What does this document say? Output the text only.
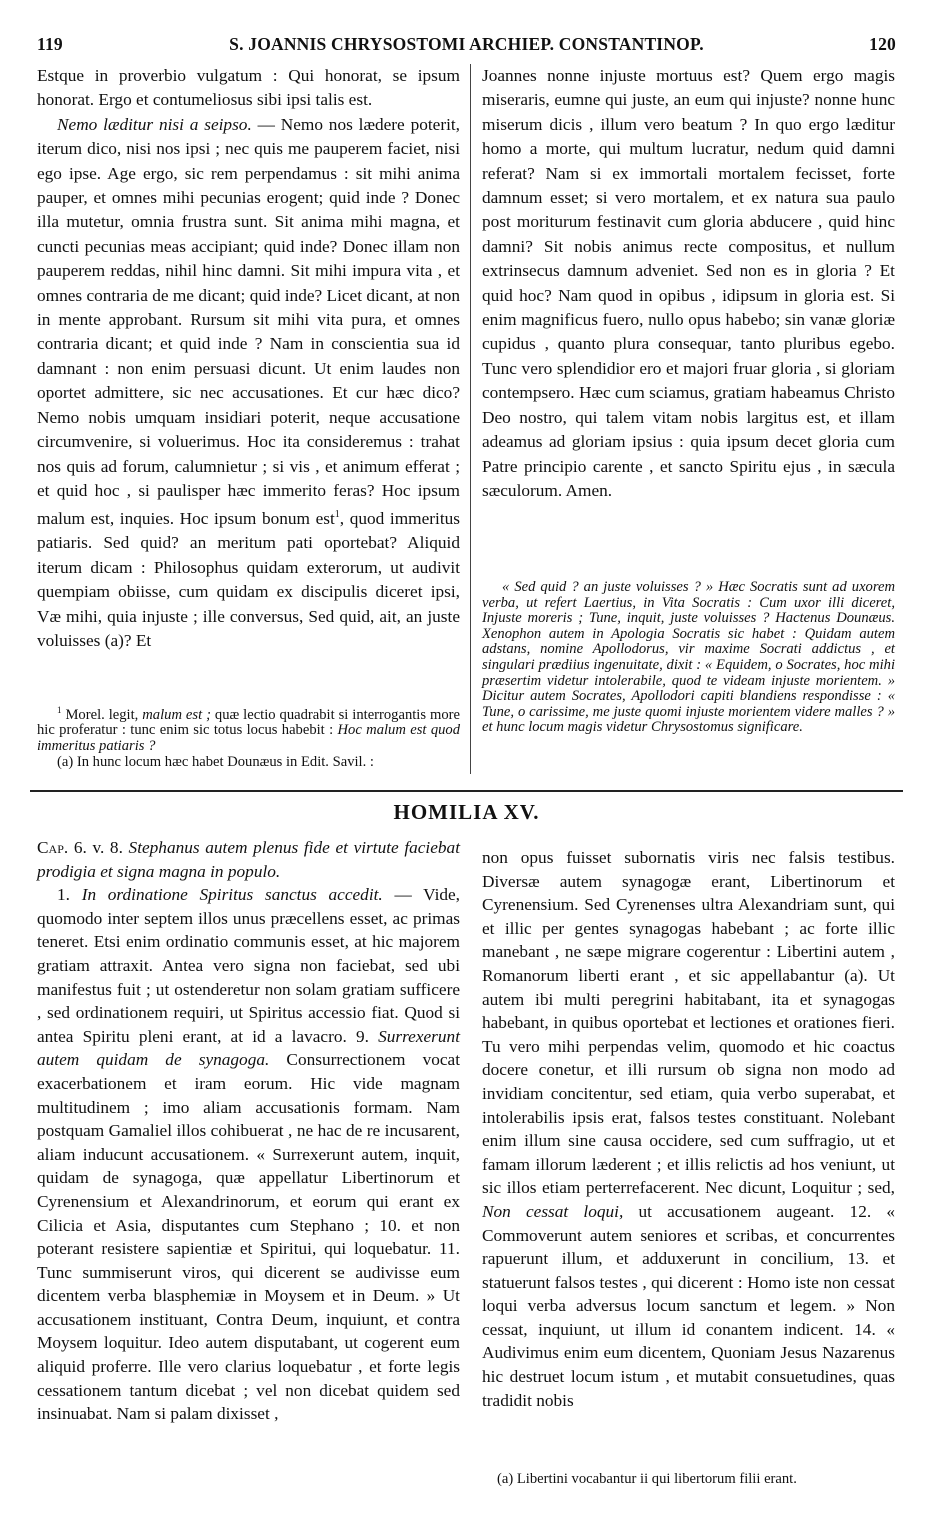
119	S. JOANNIS CHRYSOSTOMI ARCHIEP. CONSTANTINOP.	120

Estque in proverbio vulgatum : Qui honorat, se ipsum honorat. Ergo et contumeliosus sibi ipsi talis est.

Nemo læditur nisi a seipso. — Nemo nos lædere poterit, iterum dico, nisi nos ipsi ; nec quis me pauperem faciet, nisi ego ipse. Age ergo, sic rem perpendamus : sit mihi anima pauper, et omnes mihi pecunias erogent; quid inde ? Donec illa mutetur, omnia frustra sunt. Sit anima mihi magna, et cuncti pecunias meas accipiant; quid inde? Donec illam non pauperem reddas, nihil hinc damni. Sit mihi impura vita , et omnes contraria de me dicant; quid inde? Licet dicant, at non in mente approbant. Rursum sit mihi vita pura, et omnes contraria dicant; et quid inde ? Nam in conscientia sua id damnant : non enim persuasi dicunt. Ut enim laudes non oportet admittere, sic nec accusationes. Et cur hæc dico? Nemo nobis umquam insidiari poterit, neque accusatione circumvenire, si voluerimus. Hoc ita consideremus : trahat nos quis ad forum, calumnietur ; si vis , et animum efferat ; et quid hoc , si paulisper hæc immerito feras? Hoc ipsum malum est, inquies. Hoc ipsum bonum est$^1$, quod immeritus patiaris. Sed quid? an meritum pati oportebat? Aliquid iterum dicam : Philosophus quidam exterorum, ut audivit quempiam obiisse, cum quidam ex discipulis diceret ipsi, Væ mihi, quia injuste ; ille conversus, Sed quid, ait, an juste voluisses (a)? Et

Joannes nonne injuste mortuus est? Quem ergo magis miseraris, eumne qui juste, an eum qui injuste? nonne hunc miserum dicis , illum vero beatum ? In quo ergo læditur homo a morte, qui multum lucratur, nedum quid damni referat? Nam si ex immortali mortalem fecisset, forte damnum esset; si vero mortalem, et ex natura sua paulo post moriturum festinavit cum gloria abducere , quid hinc damni? Sit nobis animus recte compositus, et nullum extrinsecus damnum adveniet. Sed non es in gloria ? Et quid hoc? Nam quod in opibus , idipsum in gloria est. Si enim magnificus fuero, nullo opus habebo; sin vanæ gloriæ cupidus , quanto plura consequar, tanto pluribus egebo. Tunc vero splendidior ero et majori fruar gloria , si gloriam contempsero. Hæc cum sciamus, gratiam habeamus Christo Deo nostro, qui talem vitam nobis largitus est, et illam adeamus ad gloriam ipsius : quia ipsum decet gloria cum Patre principio carente , et sancto Spiritu ejus , in sæcula sæculorum. Amen.

$^1$ Morel. legit, malum est ; quæ lectio quadrabit si interrogantis more hic proferatur : tunc enim sic totus locus habebit : Hoc malum est quod immeritus patiaris ?

(a) In hunc locum hæc habet Dounæus in Edit. Savil. :

« Sed quid ? an juste voluisses ? » Hæc Socratis sunt ad uxorem verba, ut refert Laertius, in Vita Socratis : Cum uxor illi diceret, Injuste moreris ; Tune, inquit, juste voluisses ? Hactenus Dounæus. Xenophon autem in Apologia Socratis sic habet : Quidam autem adstans, nomine Apollodorus, vir maxime Socrati addictus , et singulari prædiius ingenuitate, dixit : « Equidem, o Socrates, hoc mihi præsertim videtur intolerabile, quod te videam injuste morientem. » Dicitur autem Socrates, Apollodori capiti blandiens respondisse : « Tune, o carissime, me juste quomi injuste morientem videre malles ? » et hunc locum magis videtur Chrysostomus significare.

HOMILIA XV.

Cap. 6. v. 8. Stephanus autem plenus fide et virtute faciebat prodigia et signa magna in populo.

1. In ordinatione Spiritus sanctus accedit. — Vide, quomodo inter septem illos unus præcellens esset, ac primas teneret. Etsi enim ordinatio communis esset, at hic majorem gratiam attraxit. Antea vero signa non faciebat, sed ubi manifestus fuit ; ut ostenderetur non solam gratiam sufficere , sed ordinationem requiri, ut Spiritus accessio fiat. Quod si antea Spiritu pleni erant, at id a lavacro. 9. Surrexerunt autem quidam de synagoga. Consurrectionem vocat exacerbationem et iram eorum. Hic vide magnam multitudinem ; imo aliam accusationis formam. Nam postquam Gamaliel illos cohibuerat , ne hac de re incusarent, aliam inducunt accusationem. « Surrexerunt autem, inquit, quidam de synagoga, quæ appellatur Libertinorum et Cyrenensium et Alexandrinorum, et eorum qui erant ex Cilicia et Asia, disputantes cum Stephano ; 10. et non poterant resistere sapientiæ et Spiritui, qui loquebatur. 11. Tunc summiserunt viros, qui dicerent se audivisse eum dicentem verba blasphemiæ in Moysem et in Deum. » Ut accusationem instituant, Contra Deum, inquiunt, et contra Moysem loquitur. Ideo autem disputabant, ut cogerent eum aliquid proferre. Ille vero clarius loquebatur , et forte legis cessationem tantum dicebat ; vel non dicebat quidem sed insinuabat. Nam si palam dixisset ,

non opus fuisset subornatis viris nec falsis testibus. Diversæ autem synagogæ erant, Libertinorum et Cyrenensium. Sed Cyrenenses ultra Alexandriam sunt, qui et illic per gentes synagogas habebant ; ac forte illic manebant , ne sæpe migrare cogerentur : Libertini autem , Romanorum liberti erant , et sic appellabantur (a). Ut autem ibi multi peregrini habitabant, ita et synagogas habebant, in quibus oportebat et lectiones et orationes fieri. Tu vero mihi perpendas velim, quomodo et hic coactus docere conetur, et illi rursum ob signa non modo ad invidiam concitentur, sed etiam, quia verbo superabat, et intolerabilis ipsis erat, falsos testes constituant. Nolebant enim illum sine causa occidere, sed cum suffragio, ut et famam illorum læderent ; et illis relictis ad hos veniunt, ut sic illos etiam perterrefacerent. Nec dicunt, Loquitur ; sed, Non cessat loqui, ut accusationem augeant. 12. « Commoverunt autem seniores et scribas, et concurrentes rapuerunt illum, et adduxerunt in concilium, 13. et statuerunt falsos testes , qui dicerent : Homo iste non cessat loqui verba adversus locum sanctum et legem. » Non cessat, inquiunt, ut illum id conantem indicent. 14. « Audivimus enim eum dicentem, Quoniam Jesus Nazarenus hic destruet locum istum , et mutabit consuetudines, quas tradidit nobis

(a) Libertini vocabantur ii qui libertorum filii erant.
